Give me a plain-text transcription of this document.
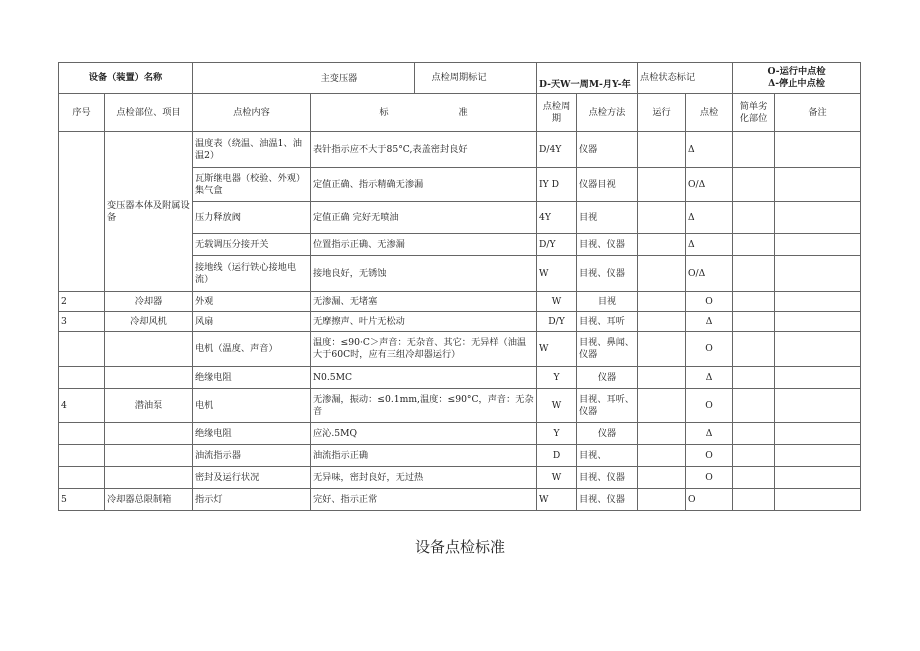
设备（装置）名称		主变压器 点检周期标记		D-天W一周M-月Y-年		点检状态标记		O-运行中点检
Δ-停止中点检	

序号	点检部位、项目	点检内容	标 准	点检周期	点检方法	运行	点检	简单劣
化部位	备注
	变压器本体及附属设备	温度表（绕温、油温1、油温2）	表针指示应不大于85°C,表盖密封良好	D/4Y	仪器		Δ		
		瓦斯继电器（校验、外观）集气盒	定值正确、指示精确无渗漏	IY D	仪器目视		O/Δ		
		压力释放阀	定值正确 完好无喷油	4Y	目视		Δ		
		无载调压分接开关	位置指示正确、无渗漏	D/Y	目视、仪器		Δ		
		接地线（运行铁心接地电流）	接地良好，无锈蚀	W	目视、仪器		O/Δ		
2	冷却器	外观	无渗漏、无堵塞	W	目视		O		
3	冷却风机	风扇	无摩擦声、叶片无松动	D/Y	目视、耳听		Δ		
		电机（温度、声音）	温度：≤90·C＞声音：无杂音、其它：无异样（油温大于60C时，应有三组冷却器运行）	W	目视、鼻闻、仪器		O		
		绝缘电阻	N0.5MC	Y	仪器		Δ		
4	潜油泵	电机	无渗漏，振动：≤0.1mm,温度：≤90°C，声音：无杂音	W	目视、耳听、仪器		O		
		绝缘电阻	应沁.5MQ	Y	仪器		Δ		
		油流指示器	油流指示正确	D	目视、		O		
		密封及运行状况	无异味，密封良好，无过热	W	目视、仪器		O		
5	冷却器总限制箱	指示灯	完好、指示正常	W	目视、仪器		O		
设备点检标准
